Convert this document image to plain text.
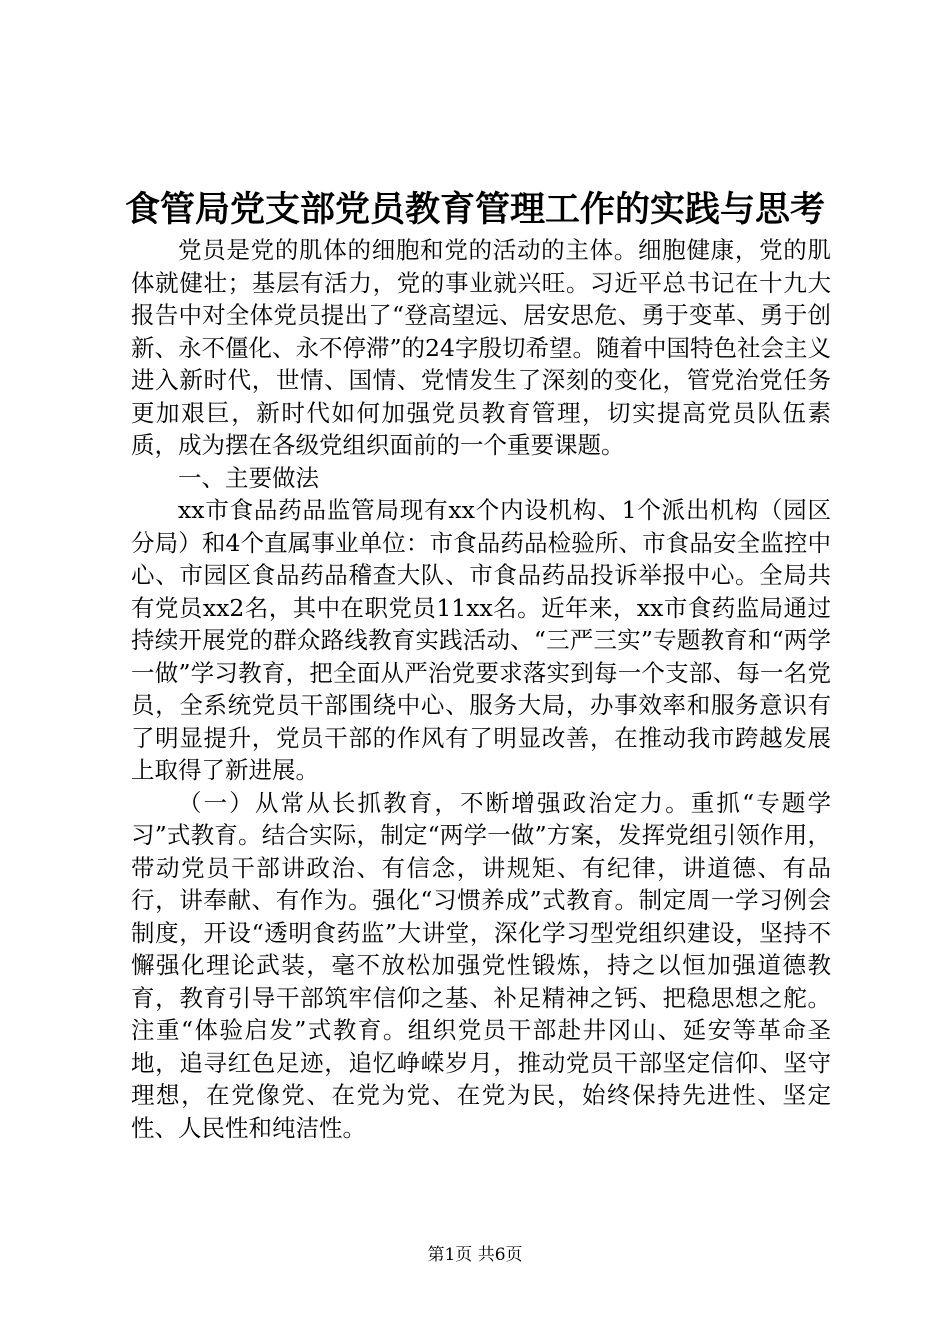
食管局党支部党员教育管理工作的实践与思考

党员是党的肌体的细胞和党的活动的主体。细胞健康，党的肌体就健壮；基层有活力，党的事业就兴旺。习近平总书记在十九大报告中对全体党员提出了“登高望远、居安思危、勇于变革、勇于创新、永不僵化、永不停滞”的24字殷切希望。随着中国特色社会主义进入新时代，世情、国情、党情发生了深刻的变化，管党治党任务更加艰巨，新时代如何加强党员教育管理，切实提高党员队伍素质，成为摆在各级党组织面前的一个重要课题。

一、主要做法

xx市食品药品监管局现有xx个内设机构、1个派出机构（园区分局）和4个直属事业单位：市食品药品检验所、市食品安全监控中心、市园区食品药品稽查大队、市食品药品投诉举报中心。全局共有党员xx2名，其中在职党员11xx名。近年来，xx市食药监局通过持续开展党的群众路线教育实践活动、“三严三实”专题教育和“两学一做”学习教育，把全面从严治党要求落实到每一个支部、每一名党员，全系统党员干部围绕中心、服务大局，办事效率和服务意识有了明显提升，党员干部的作风有了明显改善，在推动我市跨越发展上取得了新进展。

（一）从常从长抓教育，不断增强政治定力。重抓“专题学习”式教育。结合实际，制定“两学一做”方案，发挥党组引领作用，带动党员干部讲政治、有信念，讲规矩、有纪律，讲道德、有品行，讲奉献、有作为。强化“习惯养成”式教育。制定周一学习例会制度，开设“透明食药监”大讲堂，深化学习型党组织建设，坚持不懈强化理论武装，毫不放松加强党性锻炼，持之以恒加强道德教育，教育引导干部筑牢信仰之基、补足精神之钙、把稳思想之舵。注重“体验启发”式教育。组织党员干部赴井冈山、延安等革命圣地，追寻红色足迹，追忆峥嵘岁月，推动党员干部坚定信仰、坚守理想，在党像党、在党为党、在党为民，始终保持先进性、坚定性、人民性和纯洁性。

第1页 共6页
